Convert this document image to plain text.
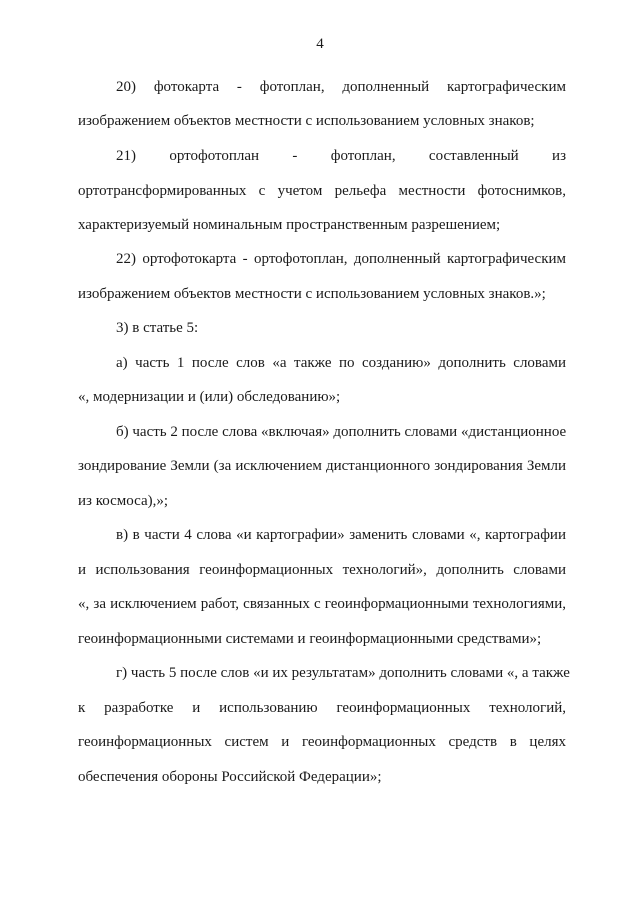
4
20) фотокарта - фотоплан, дополненный картографическим
изображением объектов местности с использованием условных знаков;
21) ортофотоплан - фотоплан, составленный из
ортотрансформированных с учетом рельефа местности фотоснимков,
характеризуемый номинальным пространственным разрешением;
22) ортофотокарта - ортофотоплан, дополненный картографическим
изображением объектов местности с использованием условных знаков.»;
3) в статье 5:
а) часть 1 после слов «а также по созданию» дополнить словами
«, модернизации и (или) обследованию»;
б) часть 2 после слова «включая» дополнить словами «дистанционное
зондирование Земли (за исключением дистанционного зондирования Земли
из космоса),»;
в) в части 4 слова «и картографии» заменить словами «, картографии
и использования геоинформационных технологий», дополнить словами
«, за исключением работ, связанных с геоинформационными технологиями,
геоинформационными системами и геоинформационными средствами»;
г) часть 5 после слов «и их результатам» дополнить словами «, а также
к разработке и использованию геоинформационных технологий,
геоинформационных систем и геоинформационных средств в целях
обеспечения обороны Российской Федерации»;
